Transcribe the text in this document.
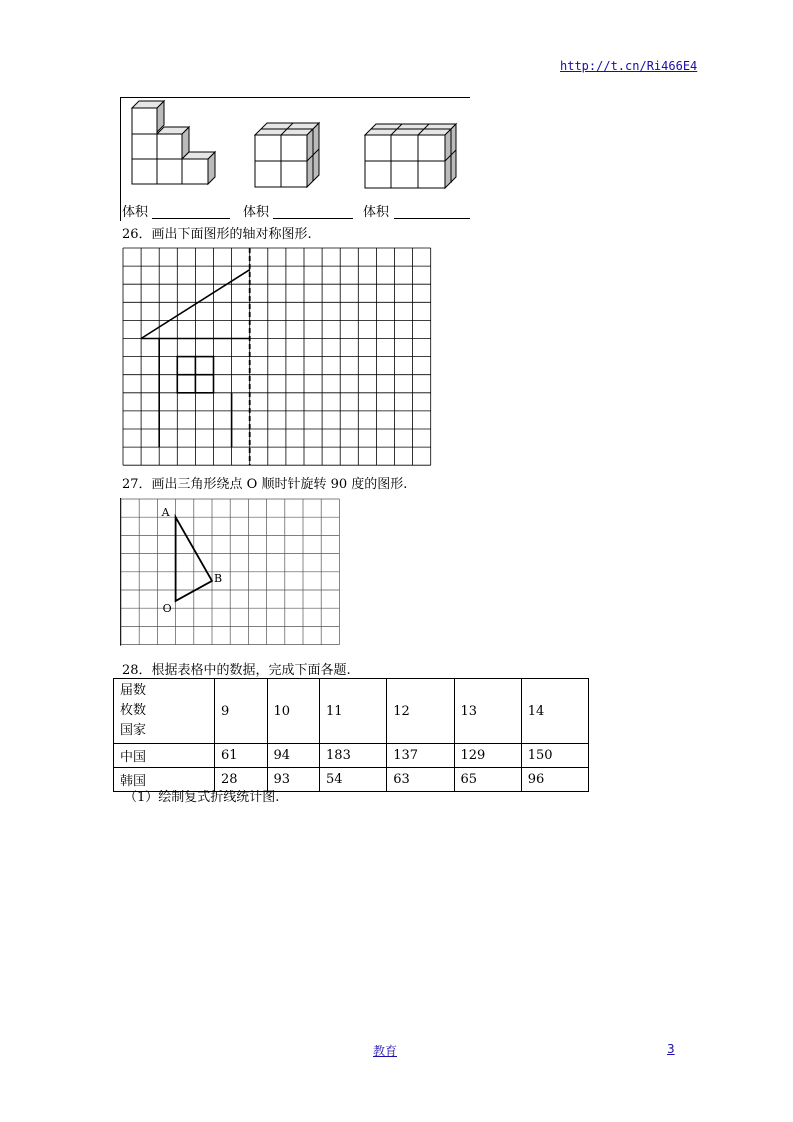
http://t.cn/Ri466E4
体积	体积	体积
26．画出下面图形的轴对称图形.
27．画出三角形绕点 O 顺时针旋转 90 度的图形.
A
B
O
28．根据表格中的数据，完成下面各题.
届数
枚数
国家	9	10	11	12	13	14
中国	61	94	183	137	129	150
韩国	28	93	54	63	65	96
（1）绘制复式折线统计图.
教育	3
